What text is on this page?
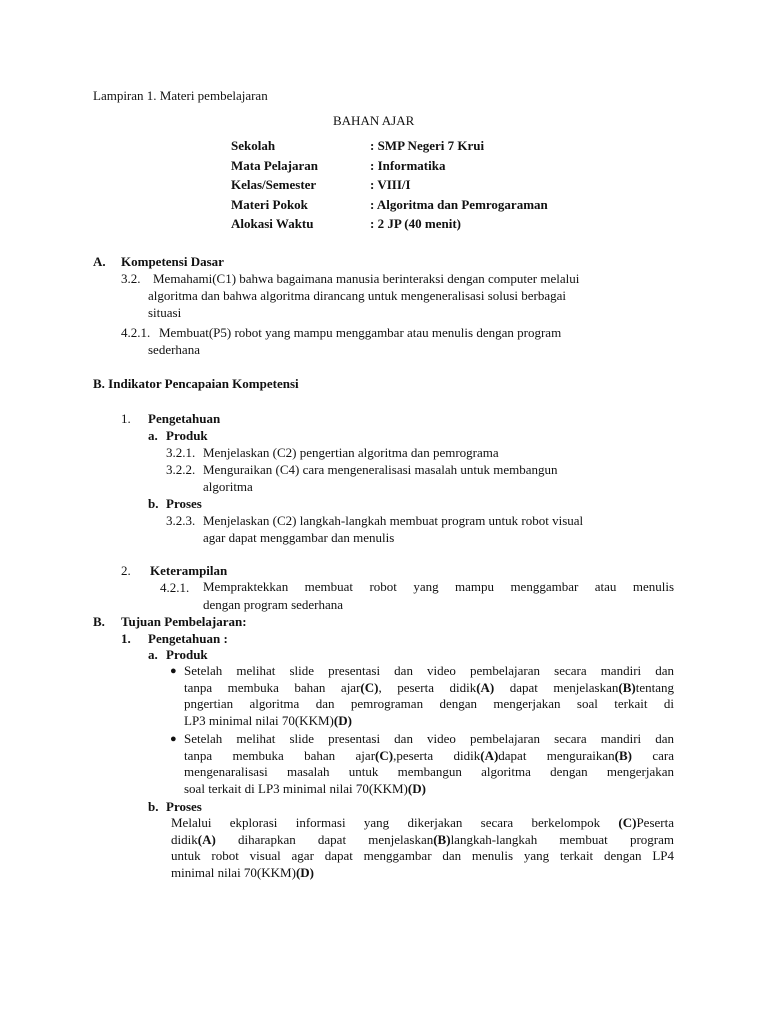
Lampiran 1. Materi pembelajaran
BAHAN AJAR
Sekolah	: SMP Negeri 7 Krui
Mata Pelajaran	: Informatika
Kelas/Semester	: VIII/I
Materi Pokok	: Algoritma dan Pemrogaraman
Alokasi Waktu	: 2 JP (40 menit)
A. Kompetensi Dasar
3.2. Memahami(C1) bahwa bagaimana manusia berinteraksi dengan computer melalui
algoritma dan bahwa algoritma dirancang untuk mengeneralisasi solusi berbagai
situasi
4.2.1. Membuat(P5) robot yang mampu menggambar atau menulis dengan program
sederhana
B. Indikator Pencapaian Kompetensi
1. Pengetahuan
a. Produk
3.2.1. Menjelaskan (C2) pengertian algoritma dan pemrograma
3.2.2. Menguraikan (C4) cara mengeneralisasi masalah untuk membangun
algoritma
b. Proses
3.2.3. Menjelaskan (C2) langkah-langkah membuat program untuk robot visual
agar dapat menggambar dan menulis
2. Keterampilan
4.2.1. Mempraktekkan membuat robot yang mampu menggambar atau menulis
dengan program sederhana
B. Tujuan Pembelajaran:
1. Pengetahuan :
a. Produk
● Setelah melihat slide presentasi dan video pembelajaran secara mandiri dan
tanpa membuka bahan ajar(C), peserta didik(A) dapat menjelaskan(B)tentang
pngertian algoritma dan pemrograman dengan mengerjakan soal terkait di
LP3 minimal nilai 70(KKM)(D)
● Setelah melihat slide presentasi dan video pembelajaran secara mandiri dan
tanpa membuka bahan ajar(C),peserta didik(A)dapat menguraikan(B) cara
mengenaralisasi masalah untuk membangun algoritma dengan mengerjakan
soal terkait di LP3 minimal nilai 70(KKM)(D)
b. Proses
Melalui ekplorasi informasi yang dikerjakan secara berkelompok (C)Peserta
didik(A) diharapkan dapat menjelaskan(B)langkah-langkah membuat program
untuk robot visual agar dapat menggambar dan menulis yang terkait dengan LP4
minimal nilai 70(KKM)(D)
